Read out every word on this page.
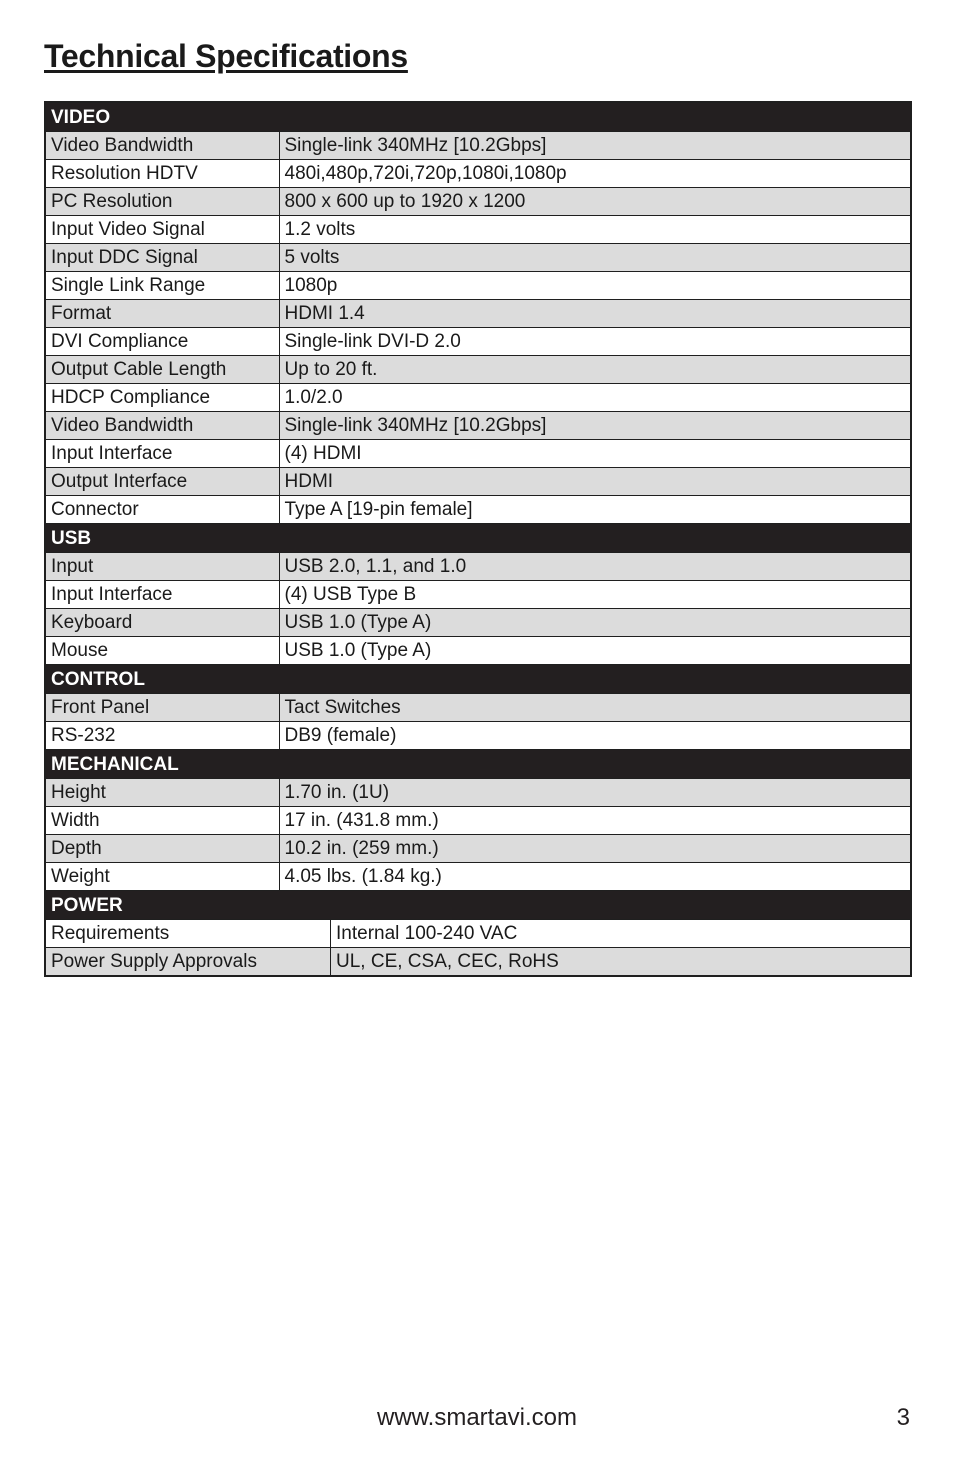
Technical Specifications
VIDEO	
Video Bandwidth	Single-link 340MHz [10.2Gbps]
Resolution HDTV	480i,480p,720i,720p,1080i,1080p
PC Resolution	800 x 600 up to 1920 x 1200
Input Video Signal	1.2 volts
Input DDC Signal	5 volts
Single Link Range	1080p
Format	HDMI 1.4
DVI Compliance	Single-link DVI-D 2.0
Output Cable Length	Up to 20 ft.
HDCP Compliance	1.0/2.0
Video Bandwidth	Single-link 340MHz [10.2Gbps]
Input Interface	(4) HDMI
Output Interface	HDMI
Connector	Type A [19-pin female]
USB	
Input	USB 2.0, 1.1, and 1.0
Input Interface	(4) USB Type B
Keyboard	USB 1.0 (Type A)
Mouse	USB 1.0 (Type A)
CONTROL	
Front Panel	Tact Switches
RS-232	DB9 (female)
MECHANICAL	
Height	1.70 in. (1U)
Width	17 in. (431.8 mm.)
Depth	10.2 in. (259 mm.)
Weight	4.05 lbs. (1.84 kg.)
POWER	
Requirements	Internal 100-240 VAC
Power Supply Approvals	UL, CE, CSA, CEC, RoHS
www.smartavi.com	3
